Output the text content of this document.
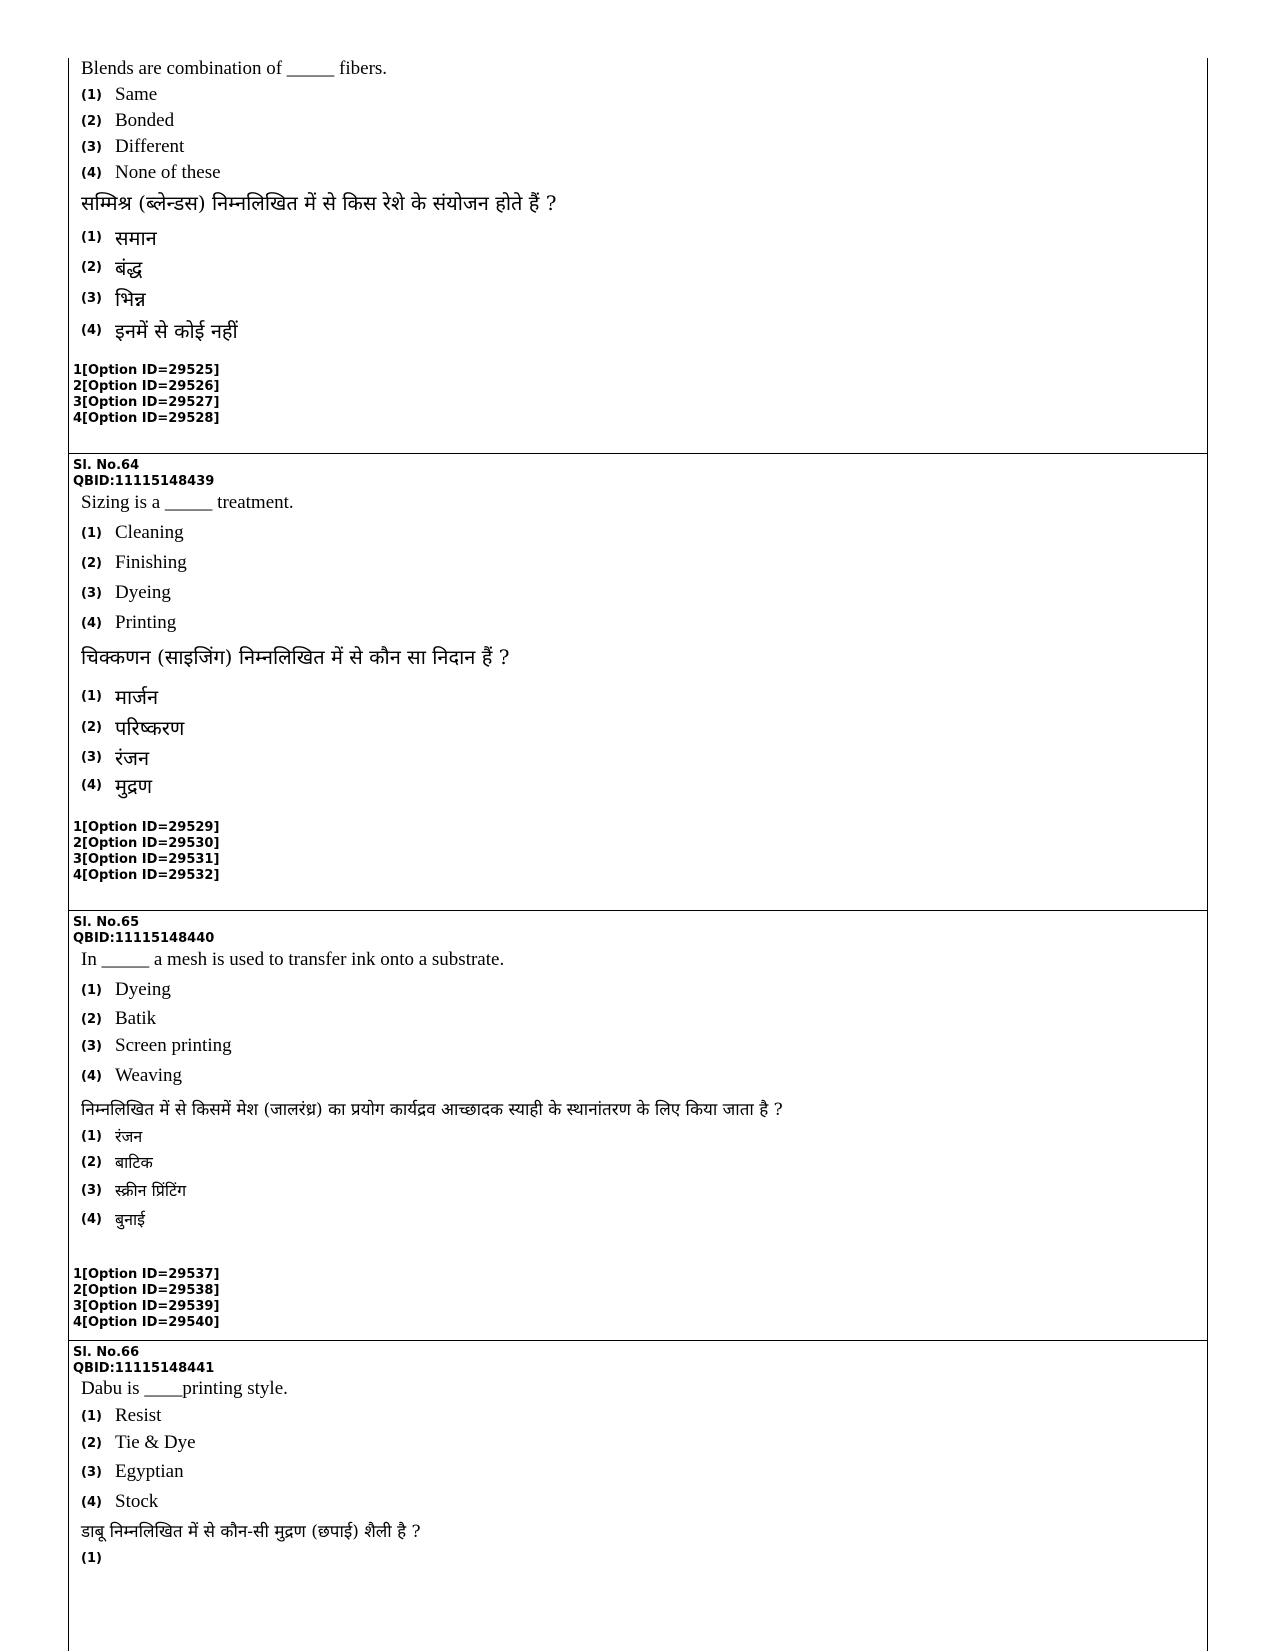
Blends are combination of _____ fibers.
(1) Same
(2) Bonded
(3) Different
(4) None of these
सम्मिश्र (ब्लेन्डस) निम्नलिखित में से किस रेशे के संयोजन होते हैं ?
(1) समान
(2) बंद्ध
(3) भिन्न
(4) इनमें से कोई नहीं
1[Option ID=29525]
2[Option ID=29526]
3[Option ID=29527]
4[Option ID=29528]
Sl. No.64
QBID:11115148439
Sizing is a _____ treatment.
(1) Cleaning
(2) Finishing
(3) Dyeing
(4) Printing
चिक्कणन (साइजिंग) निम्नलिखित में से कौन सा निदान हैं ?
(1) मार्जन
(2) परिष्करण
(3) रंजन
(4) मुद्रण
1[Option ID=29529]
2[Option ID=29530]
3[Option ID=29531]
4[Option ID=29532]
Sl. No.65
QBID:11115148440
In _____ a mesh is used to transfer ink onto a substrate.
(1) Dyeing
(2) Batik
(3) Screen printing
(4) Weaving
निम्नलिखित में से किसमें मेश (जालरंध्र) का प्रयोग कार्यद्रव आच्छादक स्याही के स्थानांतरण के लिए किया जाता है ?
(1) रंजन
(2) बाटिक
(3) स्क्रीन प्रिंटिंग
(4) बुनाई
1[Option ID=29537]
2[Option ID=29538]
3[Option ID=29539]
4[Option ID=29540]
Sl. No.66
QBID:11115148441
Dabu is ____printing style.
(1) Resist
(2) Tie & Dye
(3) Egyptian
(4) Stock
डाबू निम्नलिखित में से कौन-सी मुद्रण (छपाई) शैली है ?
(1)
